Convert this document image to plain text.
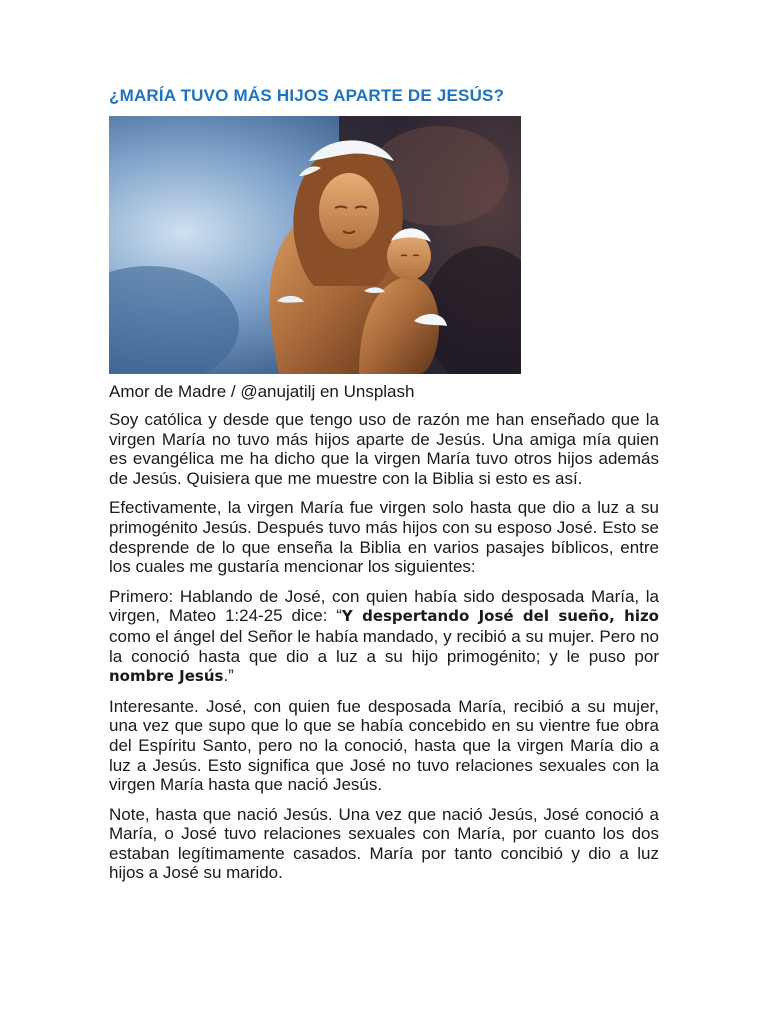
¿MARÍA TUVO MÁS HIJOS APARTE DE JESÚS?

Amor de Madre / @anujatilj en Unsplash

Soy católica y desde que tengo uso de razón me han enseñado que la virgen María no tuvo más hijos aparte de Jesús. Una amiga mía quien es evangélica me ha dicho que la virgen María tuvo otros hijos además de Jesús. Quisiera que me muestre con la Biblia si esto es así.

Efectivamente, la virgen María fue virgen solo hasta que dio a luz a su primogénito Jesús. Después tuvo más hijos con su esposo José. Esto se desprende de lo que enseña la Biblia en varios pasajes bíblicos, entre los cuales me gustaría mencionar los siguientes:

Primero: Hablando de José, con quien había sido desposada María, la virgen, Mateo 1:24-25 dice: “Y despertando José del sueño, hizo como el ángel del Señor le había mandado, y recibió a su mujer. Pero no la conoció hasta que dio a luz a su hijo primogénito; y le puso por nombre Jesús.”

Interesante. José, con quien fue desposada María, recibió a su mujer, una vez que supo que lo que se había concebido en su vientre fue obra del Espíritu Santo, pero no la conoció, hasta que la virgen María dio a luz a Jesús. Esto significa que José no tuvo relaciones sexuales con la virgen María hasta que nació Jesús.

Note, hasta que nació Jesús. Una vez que nació Jesús, José conoció a María, o José tuvo relaciones sexuales con María, por cuanto los dos estaban legítimamente casados. María por tanto concibió y dio a luz hijos a José su marido.
